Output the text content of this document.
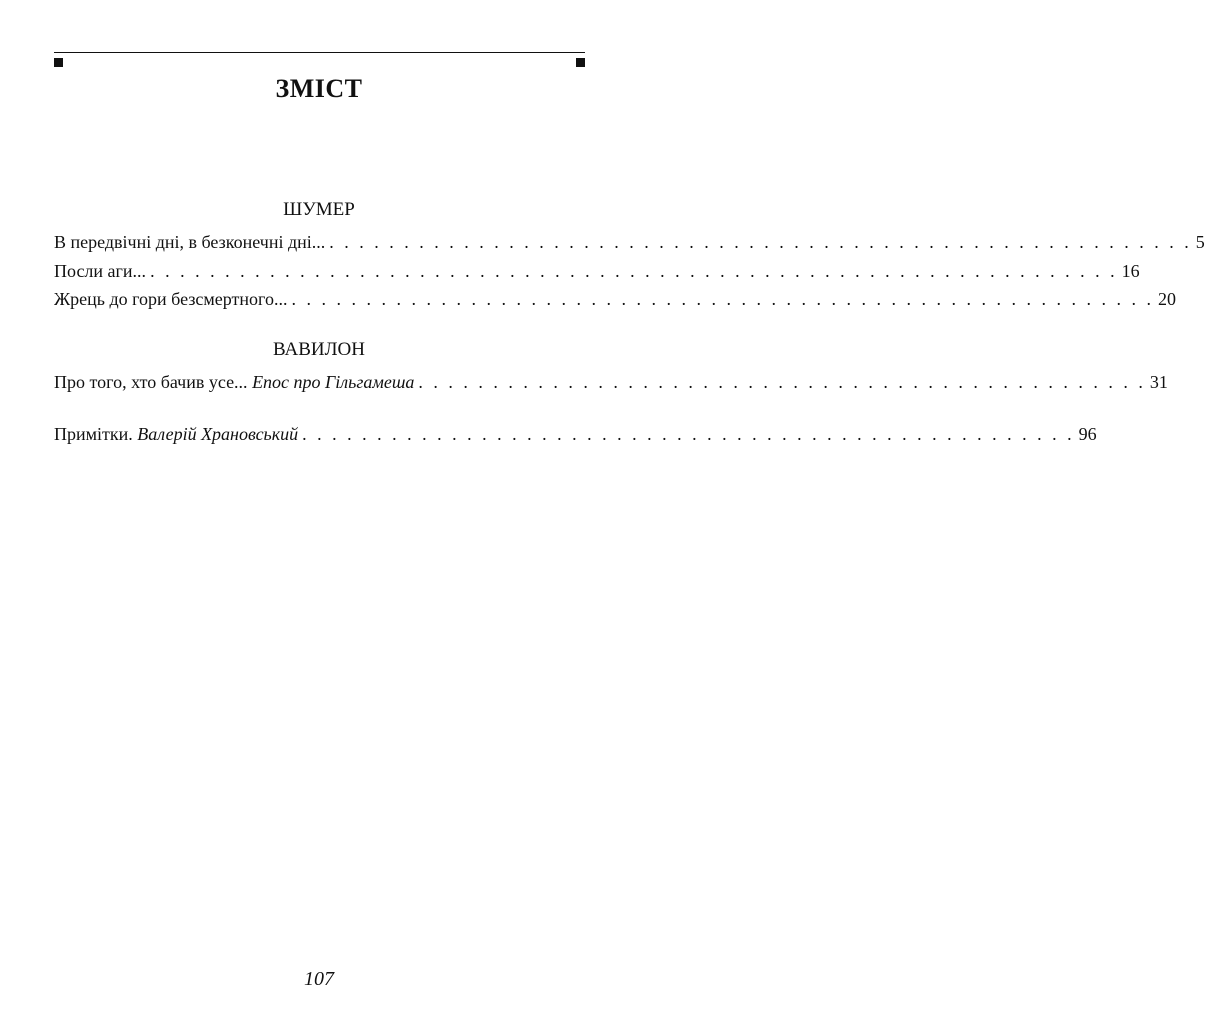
ЗМІСТ
ШУМЕР
В передвічні дні, в безконечні дні... . . . . . . . . . . . . . . . . . . . . . . . . . . . . . . . . . . . . . . . . . . . . . . . . . . . . . . . . . . 5
Посли аги... . . . . . . . . . . . . . . . . . . . . . . . . . . . . . . . . . . . . . . . . . . . . . . . . . . . . . . . . . . . . . . . . . 16
Жрець до гори безсмертного... . . . . . . . . . . . . . . . . . . . . . . . . . . . . . . . . . . . . . . . . . . . . . . . . . . . . . . . . . . 20
ВАВИЛОН
Про того, хто бачив усе... Епос про Гільгамеша . . . . . . . . . . . . . . . . . . . . . . . . . . . . . . . . . . . . . . . . . . . . . . . . . 31
Примітки. Валерій Храновський . . . . . . . . . . . . . . . . . . . . . . . . . . . . . . . . . . . . . . . . . . . . . . . . . . . . 96
107
